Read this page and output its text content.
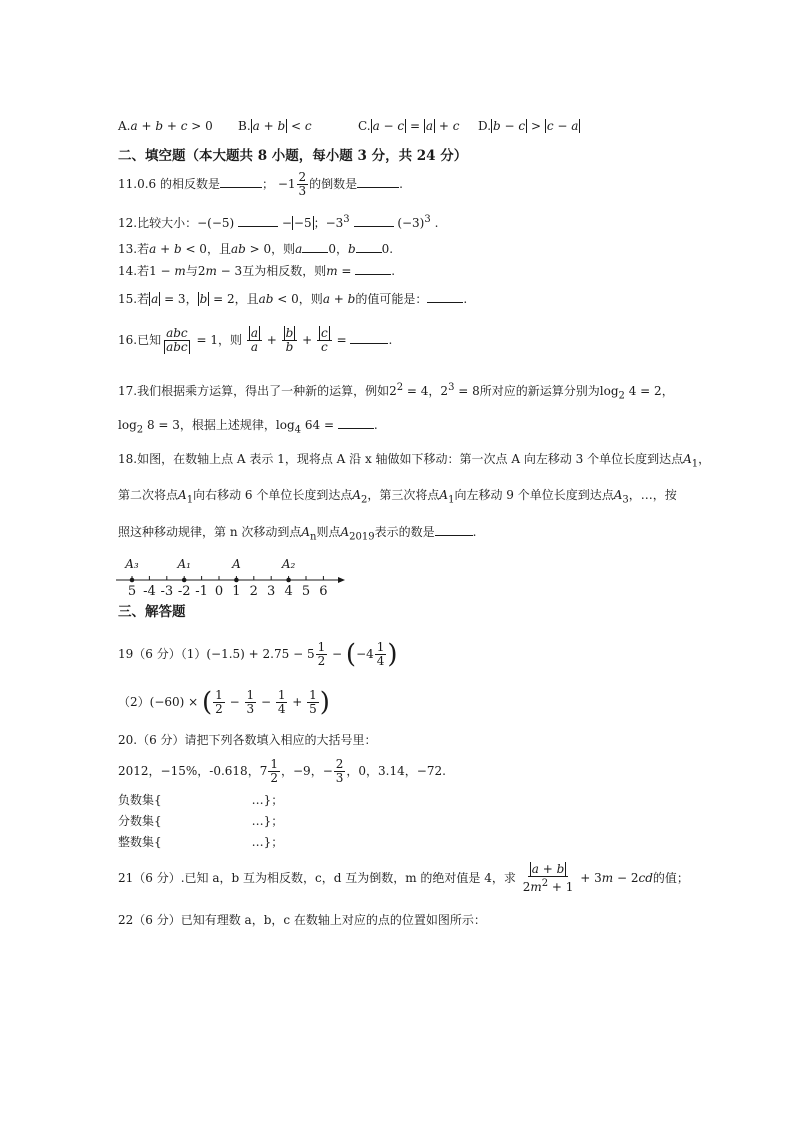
A.a + b + c > 0 B. a + b < c	C. a − c = a + c D. b − c > c − a
二、填空题（本大题共 8 小题，每小题 3 分，共 24 分）
11.0.6 的相反数是	； $-1 \frac{2}{3}$ 的倒数是	.
12.比较大小：−(−5)	− −5 ；$-3^3$	$(-3)^3$ .
13.若a + b < 0，且ab > 0，则a 0，b 0.
14.若1 − m与2m − 3互为相反数，则m =	.
15.若 a = 3， b = 2，且ab < 0，则a + b的值可能是：	.
16.已知 $\frac{\text{abc}}{\text{abc}} = 1$，则 $\frac{a}{a} + \frac{b}{b} + \frac{c}{c}$ =	.
17.我们根据乘方运算，得出了一种新的运算，例如$2^2 = 4$，$2^3 = 8$所对应的新运算分别为$\log_2 4 = 2$，
$\log_2 8 = 3$，根据上述规律，$\log_4 64$ =	.
18.如图，在数轴上点 A 表示 1，现将点 A 沿 x 轴做如下移动：第一次点 A 向左移动 3 个单位长度到达点$A_1$，
第二次将点$A_1$向右移动 6 个单位长度到达点$A_2$，第三次将点$A_1$向左移动 9 个单位长度到达点$A_3$，…，按
照这种移动规律，第 n 次移动到点$A_n$则点$A_{2019}$表示的数是	.
5 -4 -3 -2 -1 0 1 2 3 4 5 6
A₃	A₁	A	A₂
三、解答题
19（6 分）$(1)(-1.5) + 2.75 - 5 \frac{1}{2} - (-4 \frac{1}{4}$ )
（2）(−60) × ( $\frac{1}{2} - \frac{1}{3} - \frac{1}{4} + \frac{1}{5}$ )
20.（6 分）请把下列各数填入相应的大括号里：
2012，−15%，-0.618，$7 \frac{1}{2}$ ，−9，− $\frac{2}{3}$ ，0，3.14，−72.
负数集{	…}；
分数集{	…}；
整数集{	…}；
21（6 分）.已知 a，b 互为相反数，c，d 互为倒数，m 的绝对值是 4，求 $\frac{a + b}{2m^2 + 1} + 3m - 2cd$的值；
22（6 分）已知有理数 a，b，c 在数轴上对应的点的位置如图所示：
